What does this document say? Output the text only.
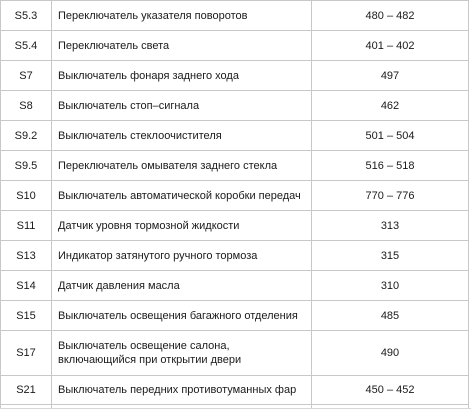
S5.3	Переключатель указателя поворотов	480 – 482
S5.4	Переключатель света	401 – 402
S7	Выключатель фонаря заднего хода	497
S8	Выключатель стоп–сигнала	462
S9.2	Выключатель стеклоочистителя	501 – 504
S9.5	Переключатель омывателя заднего стекла	516 – 518
S10	Выключатель автоматической коробки передач	770 – 776
S11	Датчик уровня тормозной жидкости	313
S13	Индикатор затянутого ручного тормоза	315
S14	Датчик давления масла	310
S15	Выключатель освещения багажного отделения	485
S17	Выключатель освещение салона, включающийся при открытии двери	490
S21	Выключатель передних противотуманных фар	450 – 452
